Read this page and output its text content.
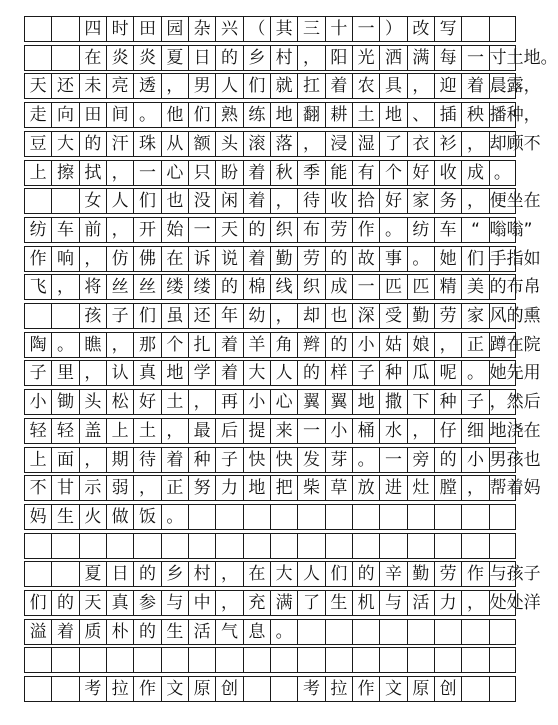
四 时 田 园 杂 兴 （ 其 三 十 一 ） 改 写
在 炎 炎 夏 日 的 乡 村 ， 阳 光 洒 满 每 一 寸土地。
天 还 未 亮 透 ， 男 人 们 就 扛 着 农 具 ， 迎 着 晨露，
走 向 田 间 。 他 们 熟 练 地 翻 耕 土 地 、 插 秧 播种，
豆 大 的 汗 珠 从 额 头 滚 落 ， 浸 湿 了 衣 衫 ， 却顾不
上 擦 拭 ， 一 心 只 盼 着 秋 季 能 有 个 好 收 成 。
女 人 们 也 没 闲 着 ， 待 收 拾 好 家 务 ， 便坐在
纺 车 前 ， 开 始 一 天 的 织 布 劳 作 。 纺 车 “ 嗡嗡”
作 响 ， 仿 佛 在 诉 说 着 勤 劳 的 故 事 。 她 们 手指如
飞 ， 将 丝 丝 缕 缕 的 棉 线 织 成 一 匹 匹 精 美 的布帛
孩 子 们 虽 还 年 幼 ， 却 也 深 受 勤 劳 家 风的熏
陶 。 瞧 ， 那 个 扎 着 羊 角 辫 的 小 姑 娘 ， 正 蹲在院
子 里 ， 认 真 地 学 着 大 人 的 样 子 种 瓜 呢 。 她先用
小 锄 头 松 好 土 ， 再 小 心 翼 翼 地 撒 下 种 子 ，然后
轻 轻 盖 上 土 ， 最 后 提 来 一 小 桶 水 ， 仔 细 地浇在
上 面 ， 期 待 着 种 子 快 快 发 芽 。 一 旁 的 小 男孩也
不 甘 示 弱 ， 正 努 力 地 把 柴 草 放 进 灶 膛 ， 帮着妈
妈 生 火 做 饭 。
夏 日 的 乡 村 ， 在 大 人 们 的 辛 勤 劳 作 与孩子
们 的 天 真 参 与 中 ， 充 满 了 生 机 与 活 力 ， 处处洋
溢 着 质 朴 的 生 活 气 息 。
考 拉 作 文 原 创	考 拉 作 文 原 创
